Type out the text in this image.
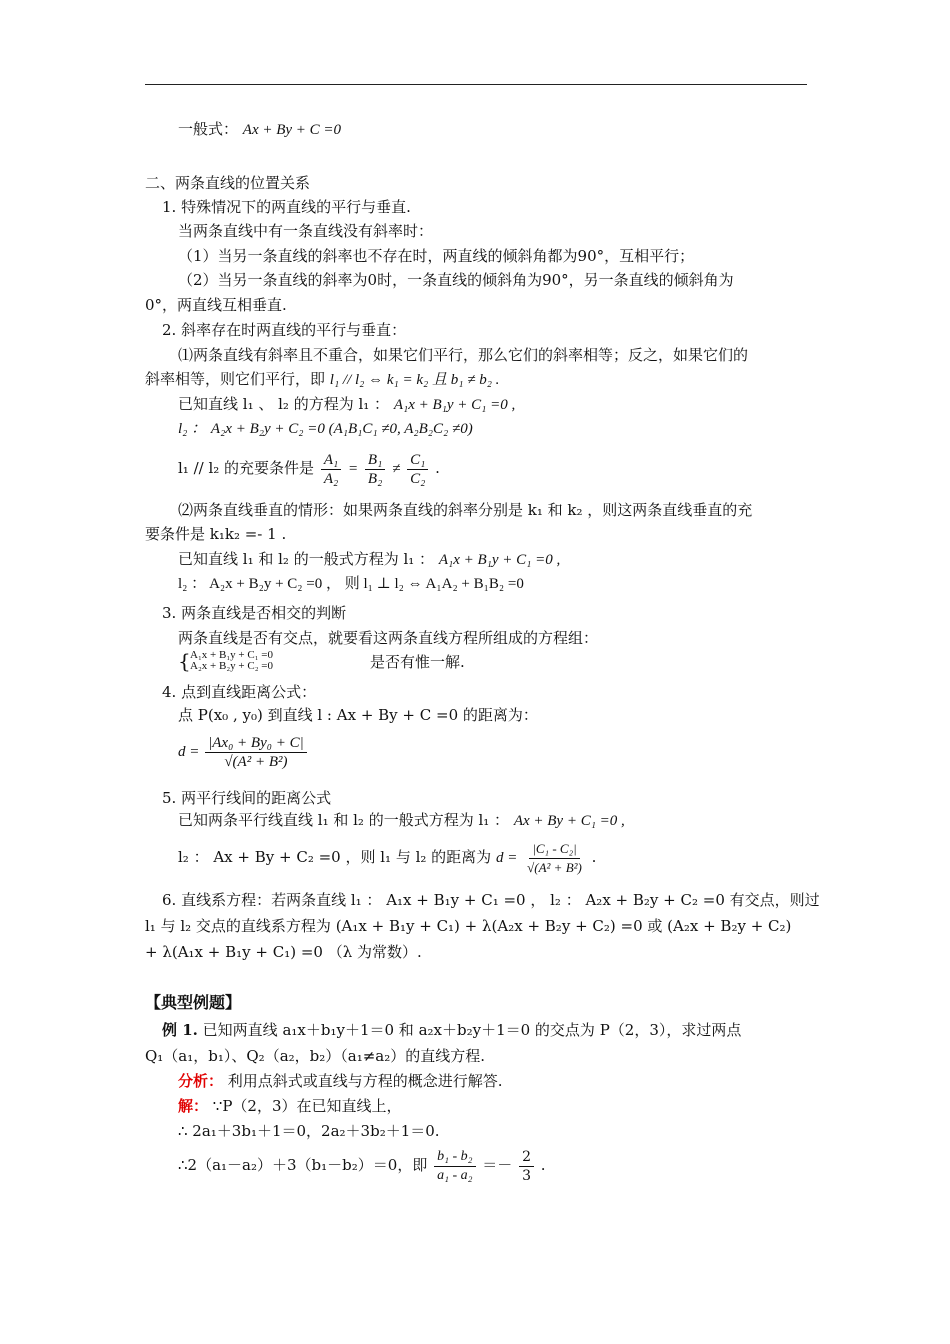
一般式： Ax + By + C =0
二、两条直线的位置关系
1. 特殊情况下的两直线的平行与垂直.
当两条直线中有一条直线没有斜率时：
（1）当另一条直线的斜率也不存在时，两直线的倾斜角都为90°，互相平行；
（2）当另一条直线的斜率为0时，一条直线的倾斜角为90°，另一条直线的倾斜角为
0°，两直线互相垂直.
2. 斜率存在时两直线的平行与垂直：
⑴两条直线有斜率且不重合，如果它们平行，那么它们的斜率相等；反之，如果它们的
斜率相等，则它们平行，即 l₁ // l₂ ⇔ k₁ = k₂ 且 b₁ ≠ b₂ .
已知直线 l₁ 、 l₂ 的方程为 l₁ ： A₁x + B₁y + C₁ =0 ,
l₂ ： A₂x + B₂y + C₂ =0 (A₁B₁C₁ ≠0, A₂B₂C₂ ≠0)
l₁ // l₂ 的充要条件是 $\frac{\text{A₁}}{\text{A₂}} = \frac{\text{B₁}}{\text{B₂}} \ne \frac{\text{C₁}}{\text{C₂}}$ .
⑵两条直线垂直的情形：如果两条直线的斜率分别是 k₁ 和 k₂ ，则这两条直线垂直的充
要条件是 k₁k₂ =- 1 .
已知直线 l₁ 和 l₂ 的一般式方程为 l₁ ： A₁x + B₁y + C₁ =0 ,
l₂ ： A₂x + B₂y + C₂ =0 ， 则 l₁ ⊥ l₂ ⇔ A₁A₂ + B₁B₂ =0
3. 两条直线是否相交的判断
两条直线是否有交点，就要看这两条直线方程所组成的方程组：
{ A₁x + B₁y + C₁ =0
A₂x + B₂y + C₂ =0	是否有惟一解.
4. 点到直线距离公式：
点 P(x₀ , y₀) 到直线 l : Ax + By + C =0 的距离为：
$d = \frac{\text{|Ax₀ + By₀ + C|}}{\text{√(A² + B²)}}$
5. 两平行线间的距离公式
已知两条平行线直线 l₁ 和 l₂ 的一般式方程为 l₁ ： Ax + By + C₁ =0 ,
l₂ ： Ax + By + C₂ =0 ，则 l₁ 与 l₂ 的距离为 $d = \frac{\text{|C₁ - C₂|}}{\text{√(A² + B²)}}$ .
6. 直线系方程：若两条直线 l₁ ： A₁x + B₁y + C₁ =0 ， l₂ ： A₂x + B₂y + C₂ =0 有交点，则过
l₁ 与 l₂ 交点的直线系方程为 (A₁x + B₁y + C₁) + λ(A₂x + B₂y + C₂) =0 或 (A₂x + B₂y + C₂)
+ λ(A₁x + B₁y + C₁) =0 （λ 为常数）.
【典型例题】
例 1. 已知两直线 a₁x＋b₁y＋1＝0 和 a₂x＋b₂y＋1＝0 的交点为 P（2，3），求过两点
Q₁（a₁，b₁）、Q₂（a₂，b₂）（a₁≠a₂）的直线方程.
分析： 利用点斜式或直线与方程的概念进行解答.
解： ∵P（2，3）在已知直线上，
∴ 2a₁＋3b₁＋1＝0，2a₂＋3b₂＋1＝0.
∴2（a₁－a₂）＋3（b₁－b₂）＝0，即 $\frac{\text{b₁ - b₂}}{\text{a₁ - a₂}} =- \frac{2}{3}$ .
